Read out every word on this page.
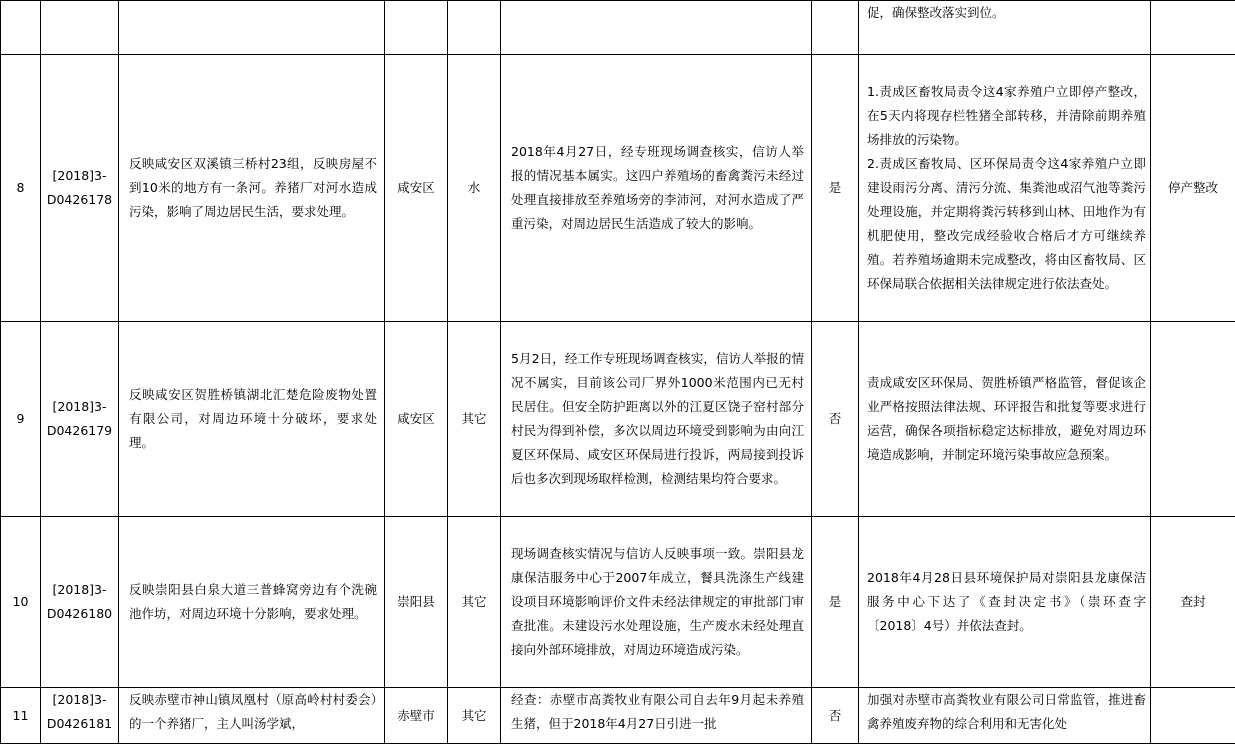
							促，确保整改落实到位。	

8	[2018]3-D0426178	反映咸安区双溪镇三桥村23组，反映房屋不到10米的地方有一条河。养猪厂对河水造成污染，影响了周边居民生活，要求处理。	咸安区	水	2018年4月27日，经专班现场调查核实，信访人举报的情况基本属实。这四户养殖场的畜禽粪污未经过处理直接排放至养殖场旁的李沛河，对河水造成了严重污染，对周边居民生活造成了较大的影响。	是	1.责成区畜牧局责令这4家养殖户立即停产整改，在5天内将现存栏牲猪全部转移，并清除前期养殖场排放的污染物。
2.责成区畜牧局、区环保局责令这4家养殖户立即建设雨污分离、清污分流、集粪池或沼气池等粪污处理设施，并定期将粪污转移到山林、田地作为有机肥使用，整改完成经验收合格后才方可继续养殖。若养殖场逾期未完成整改，将由区畜牧局、区环保局联合依据相关法律规定进行依法查处。	停产整改
9	[2018]3-D0426179	反映咸安区贺胜桥镇湖北汇楚危险废物处置有限公司，对周边环境十分破坏，要求处理。	咸安区	其它	5月2日，经工作专班现场调查核实，信访人举报的情况不属实，目前该公司厂界外1000米范围内已无村民居住。但安全防护距离以外的江夏区饶子窑村部分村民为得到补偿，多次以周边环境受到影响为由向江夏区环保局、咸安区环保局进行投诉，两局接到投诉后也多次到现场取样检测，检测结果均符合要求。	否	责成咸安区环保局、贺胜桥镇严格监管，督促该企业严格按照法律法规、环评报告和批复等要求进行运营，确保各项指标稳定达标排放，避免对周边环境造成影响，并制定环境污染事故应急预案。	
10	[2018]3-D0426180	反映崇阳县白泉大道三普蜂窝旁边有个洗碗池作坊，对周边环境十分影响，要求处理。	崇阳县	其它	现场调查核实情况与信访人反映事项一致。崇阳县龙康保洁服务中心于2007年成立，餐具洗涤生产线建设项目环境影响评价文件未经法律规定的审批部门审查批准。未建设污水处理设施，生产废水未经处理直接向外部环境排放，对周边环境造成污染。	是	2018年4月28日县环境保护局对崇阳县龙康保洁服务中心下达了《查封决定书》（崇环查字〔2018〕4号）并依法查封。	查封
11	[2018]3-D0426181	反映赤壁市神山镇凤凰村（原高岭村村委会）的一个养猪厂，主人叫汤学斌，	赤壁市	其它	经查：赤壁市高粪牧业有限公司自去年9月起未养殖生猪，但于2018年4月27日引进一批	否	加强对赤壁市高粪牧业有限公司日常监管，推进畜禽养殖废弃物的综合利用和无害化处	
